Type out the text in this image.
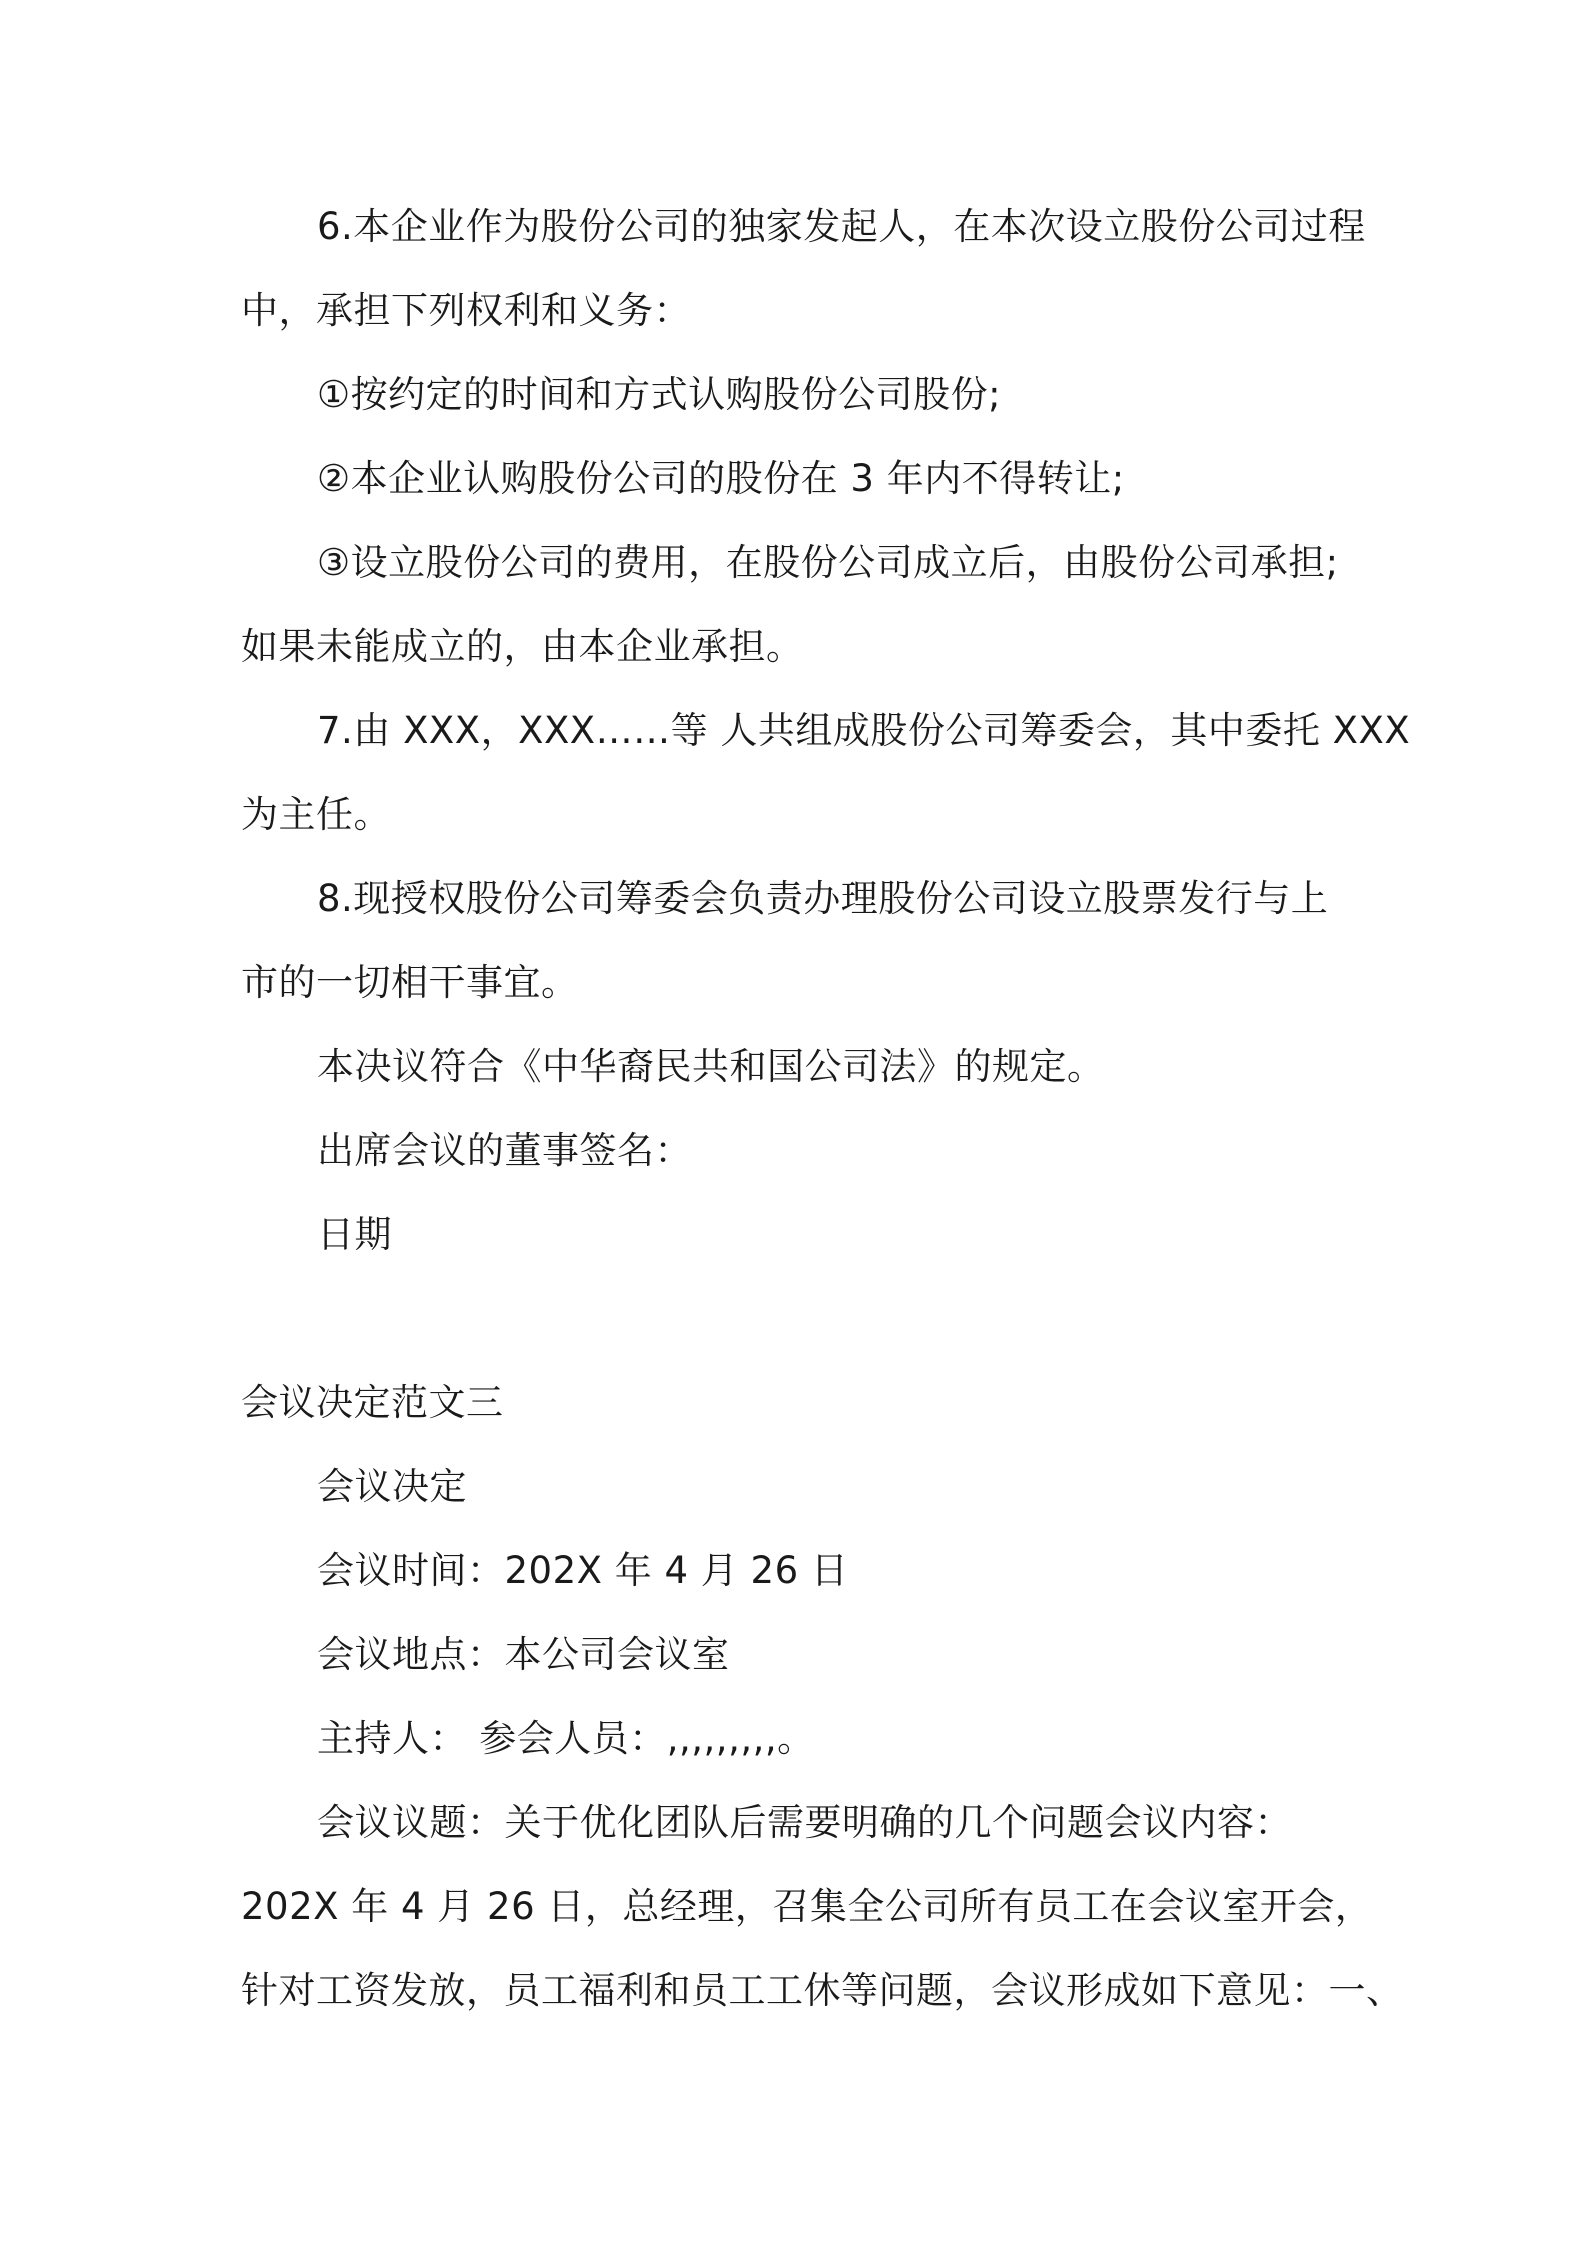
6.本企业作为股份公司的独家发起人，在本次设立股份公司过程
中，承担下列权利和义务：
①按约定的时间和方式认购股份公司股份;
②本企业认购股份公司的股份在 3 年内不得转让;
③设立股份公司的费用，在股份公司成立后，由股份公司承担;
如果未能成立的，由本企业承担。
7.由 XXX，XXX……等 人共组成股份公司筹委会，其中委托 XXX
为主任。
8.现授权股份公司筹委会负责办理股份公司设立股票发行与上
市的一切相干事宜。
本决议符合《中华裔民共和国公司法》的规定。
出席会议的董事签名：
日期
会议决定范文三
会议决定
会议时间：202X 年 4 月 26 日
会议地点：本公司会议室
主持人： 参会人员：,,,,,,,,,。
会议议题：关于优化团队后需要明确的几个问题会议内容：
202X 年 4 月 26 日，总经理，召集全公司所有员工在会议室开会，
针对工资发放，员工福利和员工工休等问题，会议形成如下意见：一、
